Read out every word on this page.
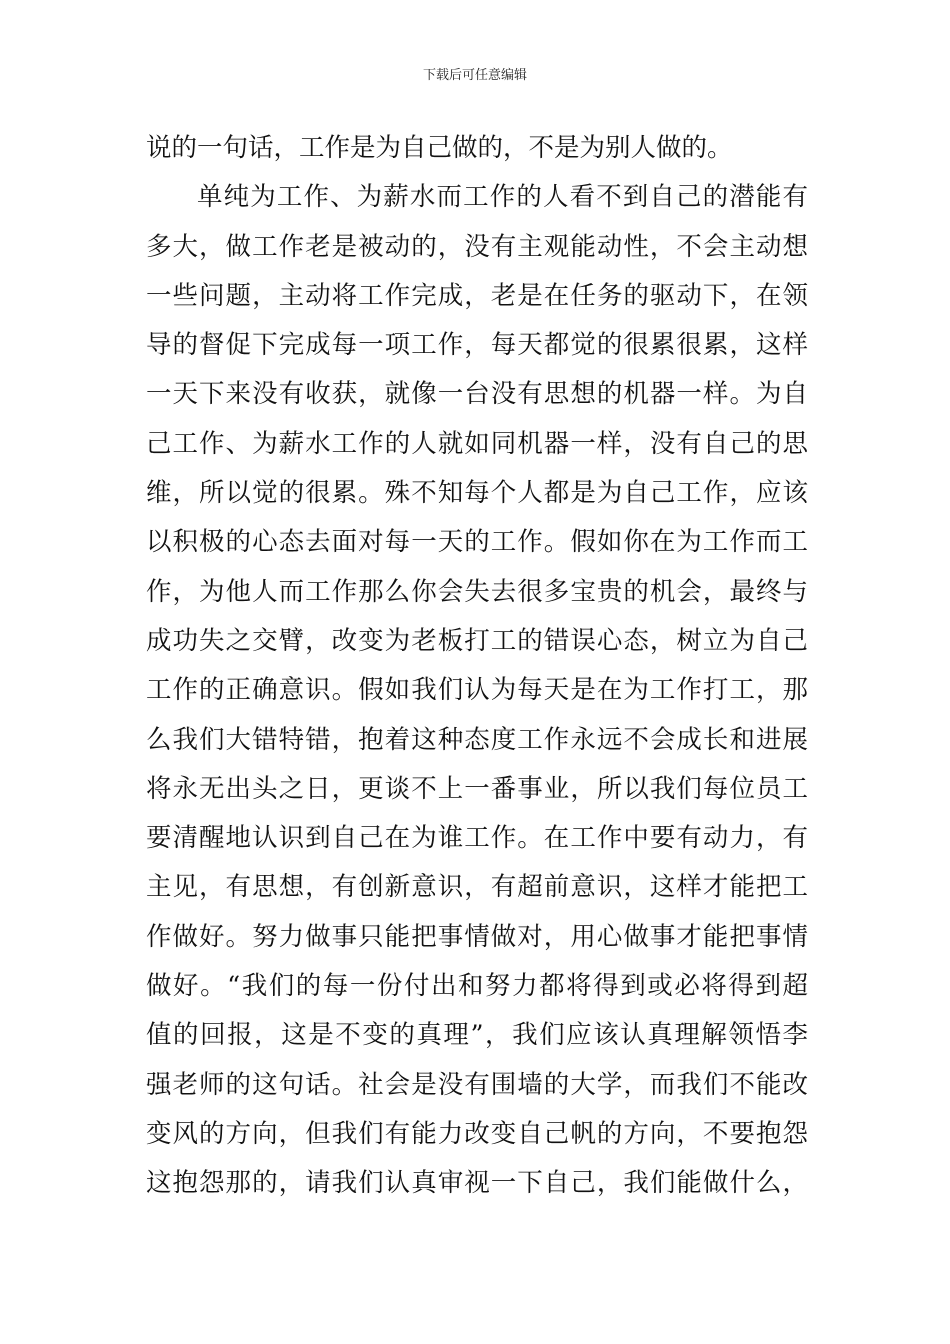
下载后可任意编辑
说的一句话，工作是为自己做的，不是为别人做的。
单纯为工作、为薪水而工作的人看不到自己的潜能有
多大，做工作老是被动的，没有主观能动性，不会主动想
一些问题，主动将工作完成，老是在任务的驱动下，在领
导的督促下完成每一项工作，每天都觉的很累很累，这样
一天下来没有收获，就像一台没有思想的机器一样。为自
己工作、为薪水工作的人就如同机器一样，没有自己的思
维，所以觉的很累。殊不知每个人都是为自己工作，应该
以积极的心态去面对每一天的工作。假如你在为工作而工
作，为他人而工作那么你会失去很多宝贵的机会，最终与
成功失之交臂，改变为老板打工的错误心态，树立为自己
工作的正确意识。假如我们认为每天是在为工作打工，那
么我们大错特错，抱着这种态度工作永远不会成长和进展
将永无出头之日，更谈不上一番事业，所以我们每位员工
要清醒地认识到自己在为谁工作。在工作中要有动力，有
主见，有思想，有创新意识，有超前意识，这样才能把工
作做好。努力做事只能把事情做对，用心做事才能把事情
做好。“我们的每一份付出和努力都将得到或必将得到超
值的回报，这是不变的真理”，我们应该认真理解领悟李
强老师的这句话。社会是没有围墙的大学，而我们不能改
变风的方向，但我们有能力改变自己帆的方向，不要抱怨
这抱怨那的，请我们认真审视一下自己，我们能做什么，
